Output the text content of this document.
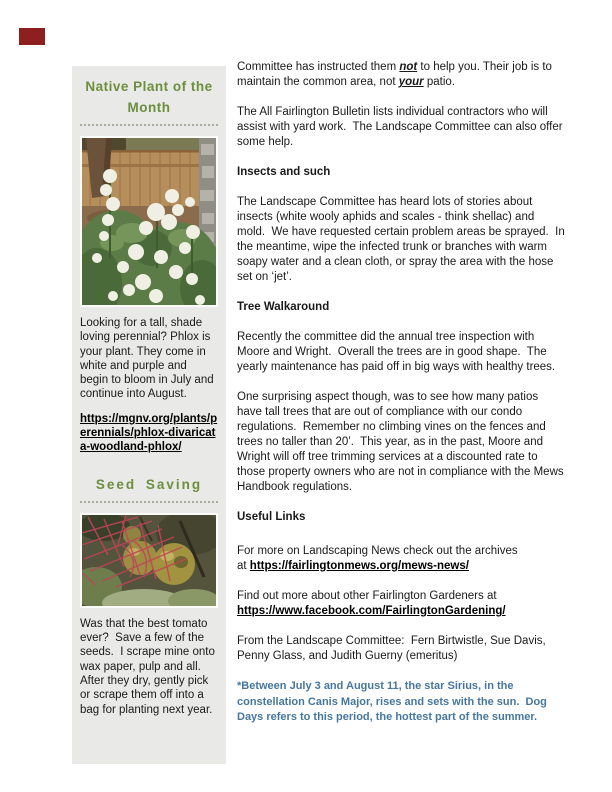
Native Plant of the Month
Looking for a tall, shade loving perennial? Phlox is your plant. They come in white and purple and begin to bloom in July and continue into August.
https://mgnv.org/plants/perennials/phlox-divaricata-woodland-phlox/
Seed Saving
Was that the best tomato ever?  Save a few of the seeds.  I scrape mine onto wax paper, pulp and all. After they dry, gently pick or scrape them off into a bag for planting next year.

Committee has instructed them not to help you. Their job is to maintain the common area, not your patio.

The All Fairlington Bulletin lists individual contractors who will assist with yard work.  The Landscape Committee can also offer some help.

Insects and such

The Landscape Committee has heard lots of stories about insects (white wooly aphids and scales - think shellac) and mold.  We have requested certain problem areas be sprayed.  In the meantime, wipe the infected trunk or branches with warm soapy water and a clean cloth, or spray the area with the hose set on ‘jet’.

Tree Walkaround

Recently the committee did the annual tree inspection with Moore and Wright.  Overall the trees are in good shape.  The yearly maintenance has paid off in big ways with healthy trees.

One surprising aspect though, was to see how many patios have tall trees that are out of compliance with our condo regulations.  Remember no climbing vines on the fences and trees no taller than 20’.  This year, as in the past, Moore and Wright will off tree trimming services at a discounted rate to those property owners who are not in compliance with the Mews Handbook regulations.

Useful Links

For more on Landscaping News check out the archives
at https://fairlingtonmews.org/mews-news/

Find out more about other Fairlington Gardeners at https://www.facebook.com/FairlingtonGardening/

From the Landscape Committee:  Fern Birtwistle, Sue Davis, Penny Glass, and Judith Guerny (emeritus)

*Between July 3 and August 11, the star Sirius, in the constellation Canis Major, rises and sets with the sun.  Dog Days refers to this period, the hottest part of the summer.
